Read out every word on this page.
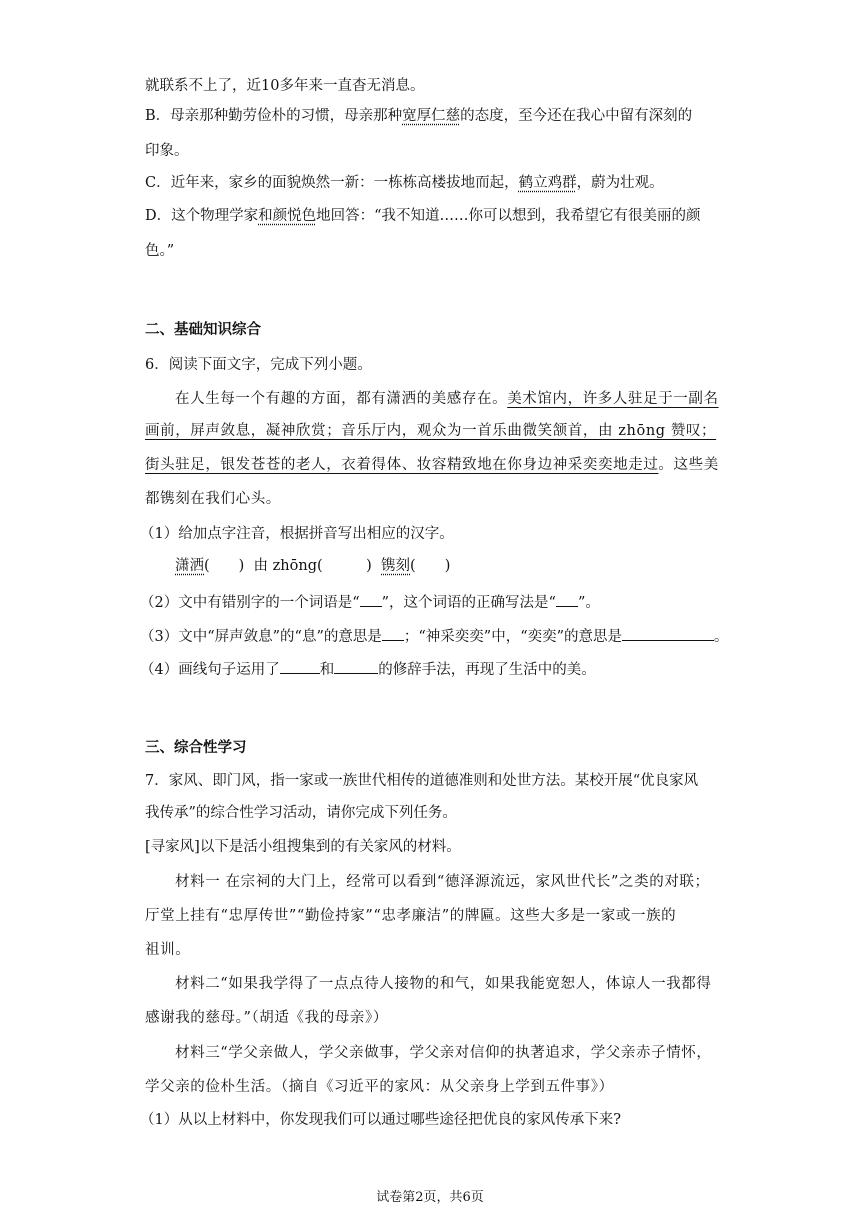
就联系不上了，近10多年来一直杳无消息。
B．母亲那种勤劳俭朴的习惯，母亲那种宽厚仁慈的态度，至今还在我心中留有深刻的
印象。
C．近年来，家乡的面貌焕然一新：一栋栋高楼拔地而起，鹤立鸡群，蔚为壮观。
D．这个物理学家和颜悦色地回答：“我不知道……你可以想到，我希望它有很美丽的颜
色。”
二、基础知识综合
6．阅读下面文字，完成下列小题。
在人生每一个有趣的方面，都有潇洒的美感存在。美术馆内，许多人驻足于一副名
画前，屏声敛息，凝神欣赏；音乐厅内，观众为一首乐曲微笑颔首，由 zhōng 赞叹；
街头驻足，银发苍苍的老人，衣着得体、妆容精致地在你身边神采奕奕地走过。这些美
都镌刻在我们心头。
（1）给加点字注音，根据拼音写出相应的汉字。
潇洒(　　) 由 zhōng(　　　) 镌刻(　　)
（2）文中有错别字的一个词语是“ ”，这个词语的正确写法是“ ”。
（3）文中“屏声敛息”的“息”的意思是 ；“神采奕奕”中，“奕奕”的意思是	。
（4）画线句子运用了	和	的修辞手法，再现了生活中的美。
三、综合性学习
7．家风、即门风，指一家或一族世代相传的道德准则和处世方法。某校开展“优良家风
我传承”的综合性学习活动，请你完成下列任务。
[寻家风]以下是活小组搜集到的有关家风的材料。
材料一 在宗祠的大门上，经常可以看到“德泽源流远，家风世代长”之类的对联；
厅堂上挂有“忠厚传世”“勤俭持家”“忠孝廉洁”的牌匾。这些大多是一家或一族的
祖训。
材料二“如果我学得了一点点待人接物的和气，如果我能宽恕人，体谅人一我都得
感谢我的慈母。”（胡适《我的母亲》）
材料三“学父亲做人，学父亲做事，学父亲对信仰的执著追求，学父亲赤子情怀，
学父亲的俭朴生活。（摘自《习近平的家风：从父亲身上学到五件事》）
（1）从以上材料中，你发现我们可以通过哪些途径把优良的家风传承下来?
试卷第2页，共6页
